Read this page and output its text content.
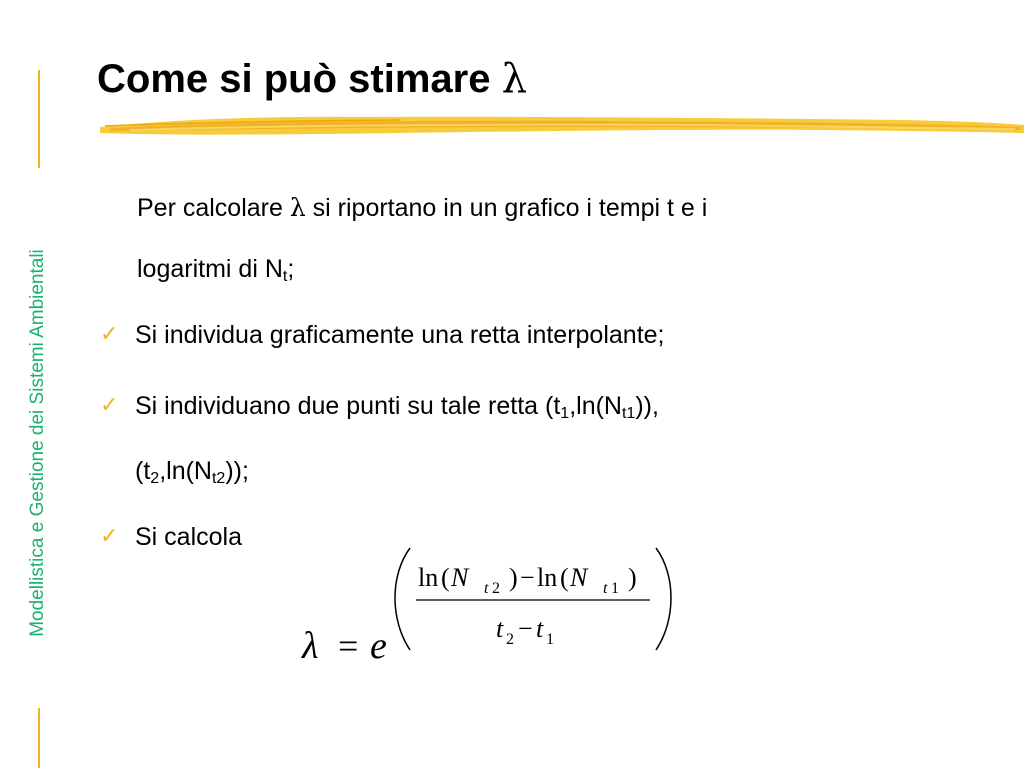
Modellistica e Gestione dei Sistemi Ambientali
Come si può stimare λ
Per calcolare λ si riportano in un grafico i tempi t e i
logaritmi di $N_t$;
✓ Si individua graficamente una retta interpolante;
✓ Si individuano due punti su tale retta $(t_1,\ln(N_{t1}))$,
$(t_2,\ln(N_{t2}))$;
✓ Si calcola
λ = e
ln ( N t 2 ) − ln ( N t 1 )
t 2 − t 1
